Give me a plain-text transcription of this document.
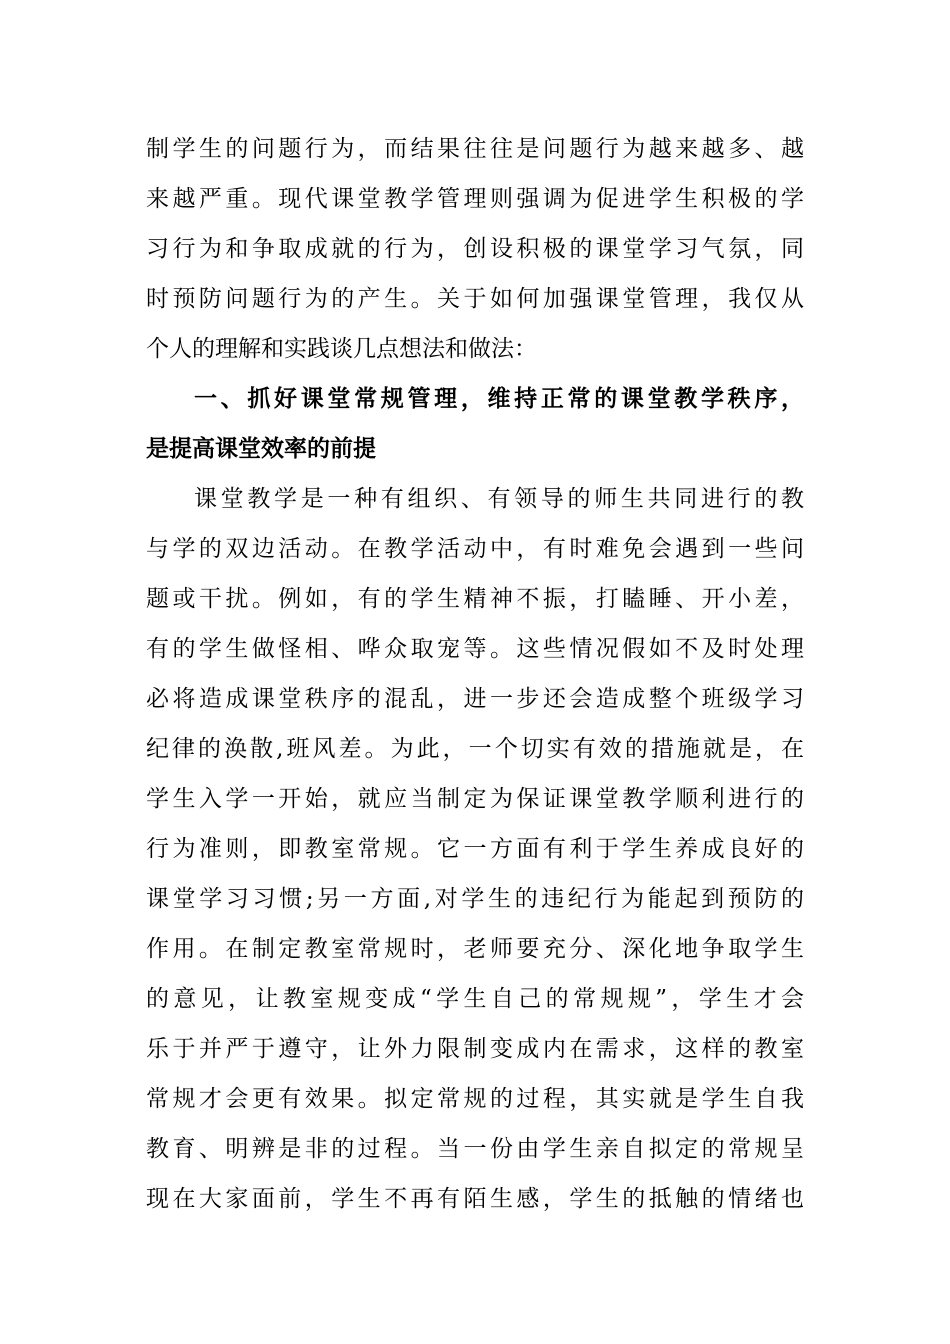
制学生的问题行为，而结果往往是问题行为越来越多、越
来越严重。现代课堂教学管理则强调为促进学生积极的学
习行为和争取成就的行为，创设积极的课堂学习气氛，同
时预防问题行为的产生。关于如何加强课堂管理，我仅从
个人的理解和实践谈几点想法和做法：
一、抓好课堂常规管理，维持正常的课堂教学秩序，
是提高课堂效率的前提
课堂教学是一种有组织、有领导的师生共同进行的教
与学的双边活动。在教学活动中，有时难免会遇到一些问
题或干扰。例如，有的学生精神不振，打瞌睡、开小差，
有的学生做怪相、哗众取宠等。这些情况假如不及时处理
必将造成课堂秩序的混乱，进一步还会造成整个班级学习
纪律的涣散,班风差。为此，一个切实有效的措施就是，在
学生入学一开始，就应当制定为保证课堂教学顺利进行的
行为准则，即教室常规。它一方面有利于学生养成良好的
课堂学习习惯;另一方面,对学生的违纪行为能起到预防的
作用。在制定教室常规时，老师要充分、深化地争取学生
的意见，让教室规变成“学生自己的常规规”，学生才会
乐于并严于遵守，让外力限制变成内在需求，这样的教室
常规才会更有效果。拟定常规的过程，其实就是学生自我
教育、明辨是非的过程。当一份由学生亲自拟定的常规呈
现在大家面前，学生不再有陌生感，学生的抵触的情绪也
